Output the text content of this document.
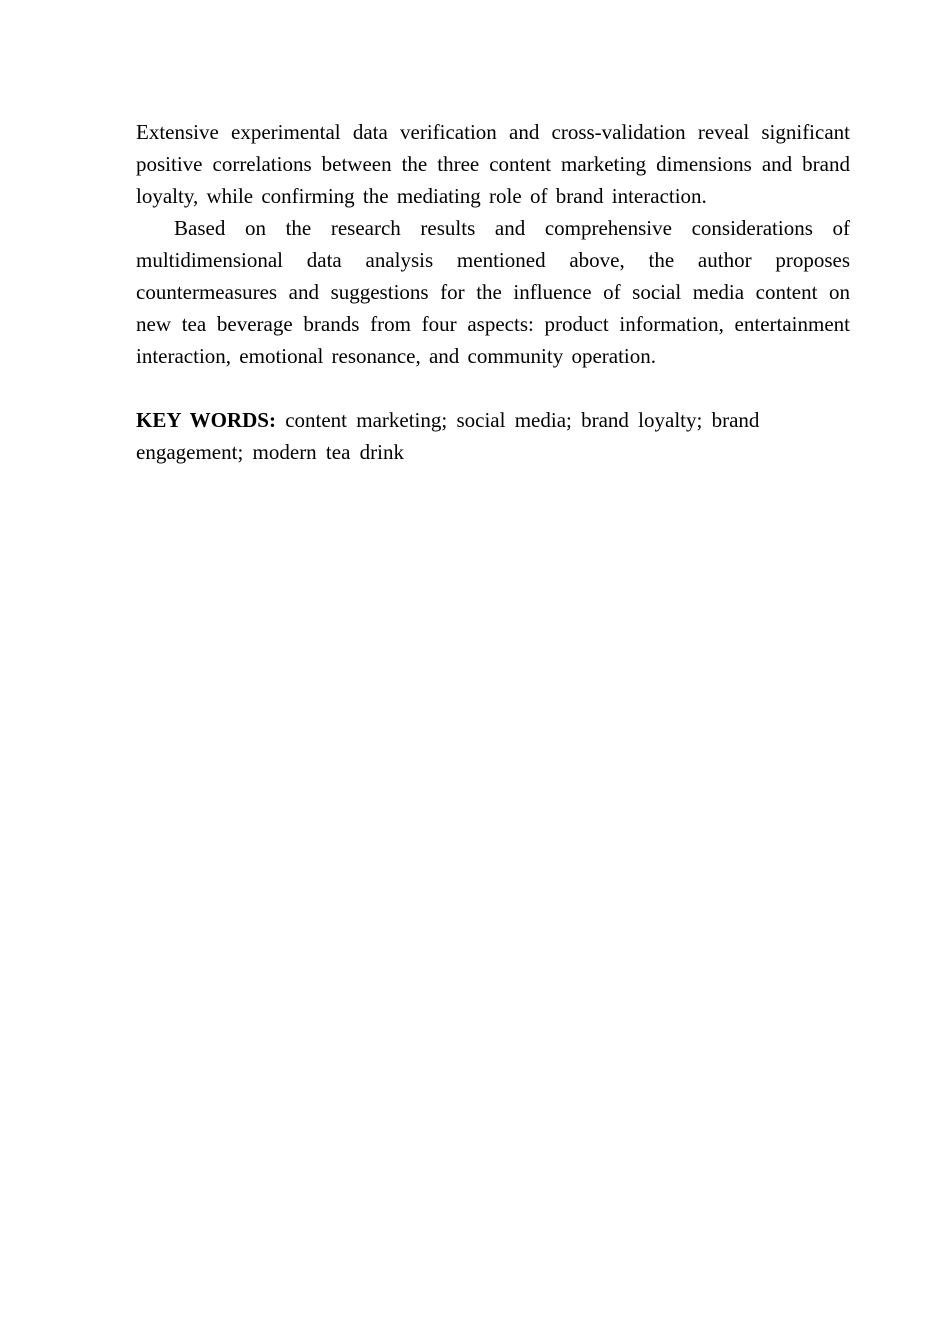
Extensive experimental data verification and cross-validation reveal significant positive correlations between the three content marketing dimensions and brand loyalty, while confirming the mediating role of brand interaction.

Based on the research results and comprehensive considerations of multidimensional data analysis mentioned above, the author proposes countermeasures and suggestions for the influence of social media content on new tea beverage brands from four aspects: product information, entertainment interaction, emotional resonance, and community operation.

KEY WORDS: content marketing; social media; brand loyalty; brand engagement; modern tea drink
